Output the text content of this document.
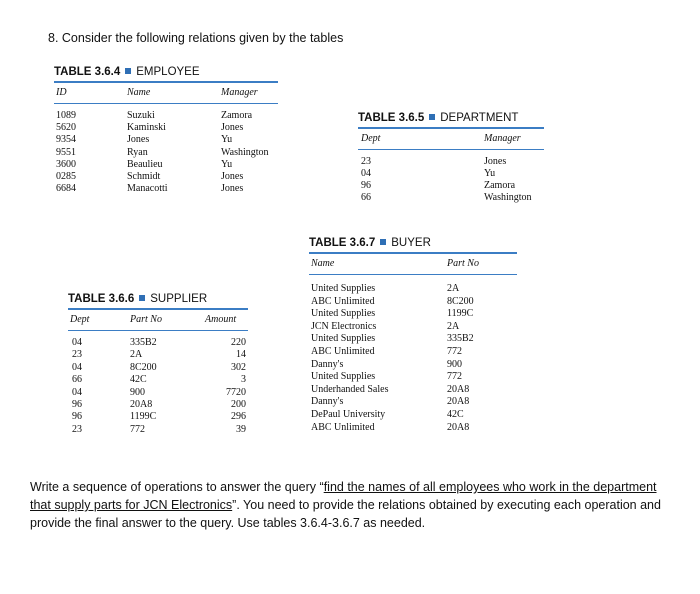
8. Consider the following relations given by the tables
TABLE 3.6.4 EMPLOYEE
ID	Name	Manager
1089	Suzuki	Zamora
5620	Kaminski	Jones
9354	Jones	Yu
9551	Ryan	Washington
3600	Beaulieu	Yu
0285	Schmidt	Jones
6684	Manacotti	Jones
TABLE 3.6.5 DEPARTMENT
Dept	Manager
23	Jones
04	Yu
96	Zamora
66	Washington
TABLE 3.6.6 SUPPLIER
Dept	Part No	Amount
04	335B2	220
23	2A	14
04	8C200	302
66	42C	3
04	900	7720
96	20A8	200
96	1199C	296
23	772	39
TABLE 3.6.7 BUYER
Name	Part No
United Supplies	2A
ABC Unlimited	8C200
United Supplies	1199C
JCN Electronics	2A
United Supplies	335B2
ABC Unlimited	772
Danny's	900
United Supplies	772
Underhanded Sales	20A8
Danny's	20A8
DePaul University	42C
ABC Unlimited	20A8
Write a sequence of operations to answer the query “find the names of all employees who work in the department that supply parts for JCN Electronics”. You need to provide the relations obtained by executing each operation and provide the final answer to the query. Use tables 3.6.4-3.6.7 as needed.
